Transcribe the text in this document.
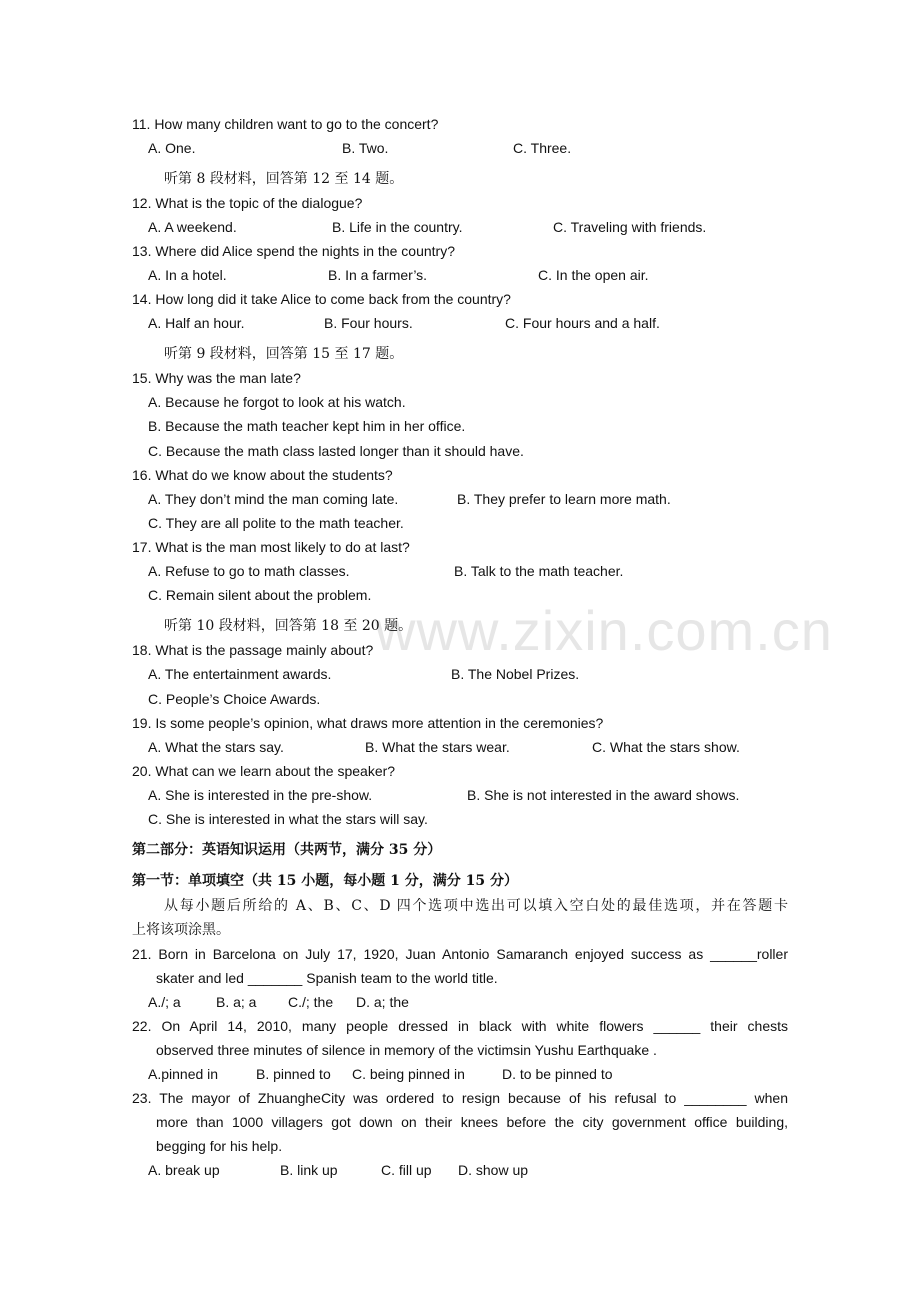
www.zixin.com.cn
11. How many children want to go to the concert?
A. One.	B. Two.	C. Three.
听第 8 段材料，回答第 12 至 14 题。
12. What is the topic of the dialogue?
A. A weekend.	B. Life in the country.	C. Traveling with friends.
13. Where did Alice spend the nights in the country?
A. In a hotel.	B. In a farmer’s.	C. In the open air.
14. How long did it take Alice to come back from the country?
A. Half an hour.	B. Four hours.	C. Four hours and a half.
听第 9 段材料，回答第 15 至 17 题。
15. Why was the man late?
A. Because he forgot to look at his watch.
B. Because the math teacher kept him in her office.
C. Because the math class lasted longer than it should have.
16. What do we know about the students?
A. They don’t mind the man coming late.	B. They prefer to learn more math.
C. They are all polite to the math teacher.
17. What is the man most likely to do at last?
A. Refuse to go to math classes.	B. Talk to the math teacher.
C. Remain silent about the problem.
听第 10 段材料，回答第 18 至 20 题。
18. What is the passage mainly about?
A. The entertainment awards.	B. The Nobel Prizes.
C. People’s Choice Awards.
19. Is some people’s opinion, what draws more attention in the ceremonies?
A. What the stars say.	B. What the stars wear.	C. What the stars show.
20. What can we learn about the speaker?
A. She is interested in the pre-show.	B. She is not interested in the award shows.
C. She is interested in what the stars will say.
第二部分：英语知识运用（共两节，满分 35 分）
第一节：单项填空（共 15 小题，每小题 1 分，满分 15 分）
从每小题后所给的 A、B、C、D 四个选项中选出可以填入空白处的最佳选项，并在答题卡
上将该项涂黑。
21. Born in Barcelona on July 17, 1920, Juan Antonio Samaranch enjoyed success as ______roller
skater and led _______ Spanish team to the world title.
A./; a	B. a; a C./; the D. a; the
22. On April 14, 2010, many people dressed in black with white flowers ______ their chests
observed three minutes of silence in memory of the victimsin Yushu Earthquake .
A.pinned in	B. pinned to C. being pinned in	D. to be pinned to
23. The mayor of ZhuangheCity was ordered to resign because of his refusal to ________ when
more than 1000 villagers got down on their knees before the city government office building,
begging for his help.
A. break up	B. link up	C. fill up D. show up
